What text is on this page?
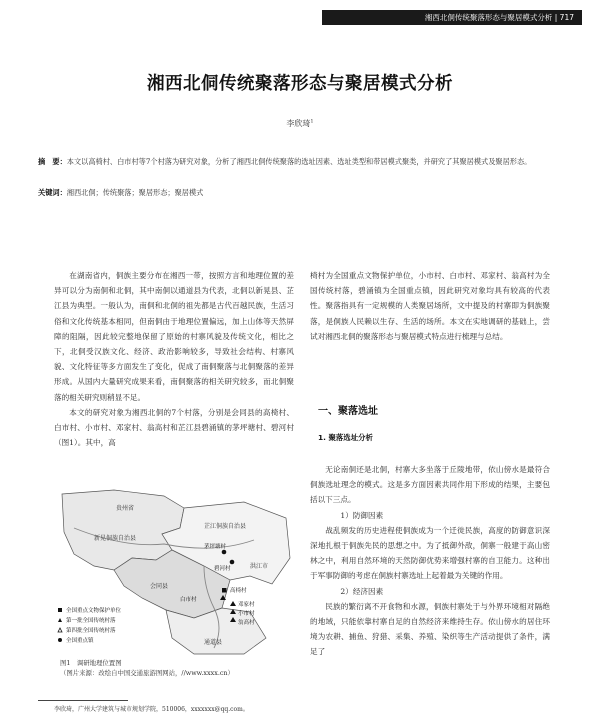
湘西北侗传统聚落形态与聚居模式分析 | 717
湘西北侗传统聚落形态与聚居模式分析
李欣琦$^1$
摘　要：本文以高椅村、白市村等7个村落为研究对象，分析了湘西北侗传统聚落的选址因素、选址类型和带居模式聚类，并研究了其聚居模式及聚居形态。
关键词：湘西北侗；传统聚落；聚居形态；聚居模式

在湖南省内，侗族主要分布在湘西一带，按照方言和地理位置的差异可以分为南侗和北侗，其中南侗以通道县为代表，北侗以新晃县、芷江县为典型。一般认为，南侗和北侗的祖先都是古代百越民族，生活习俗和文化传统基本相同，但南侗由于地理位置偏远，加上山体等天然屏障的阻隔，因此较完整地保留了原始的村寨风貌及传统文化，相比之下，北侗受汉族文化、经济、政治影响较多，导致社会结构、村寨风貌、文化特征等多方面发生了变化，促成了南侗聚落与北侗聚落的差异形成。从国内大量研究成果来看，南侗聚落的相关研究较多，而北侗聚落的相关研究则稍显不足。

本文的研究对象为湘西北侗的7个村落，分别是会同县的高椅村、白市村、小市村、邓家村、翁高村和芷江县碧涌镇的茅坪塘村、碧河村（图1）。其中，高

椅村为全国重点文物保护单位，小市村、白市村、邓家村、翁高村为全国传统村落，碧涌镇为全国重点镇，因此研究对象均具有较高的代表性。聚落指具有一定规模的人类聚居场所，文中提及的村寨即为侗族聚落，是侗族人民赖以生存、生活的场所。本文在实地调研的基础上，尝试对湘西北侗的聚落形态与聚居模式特点进行梳理与总结。

一、聚落选址
1. 聚落选址分析

无论南侗还是北侗，村寨大多坐落于丘陵地带，依山傍水是最符合侗族选址理念的模式。这是多方面因素共同作用下形成的结果，主要包括以下三点。

1）防御因素

战乱频发的历史进程使侗族成为一个迁徙民族，高度的防御意识深深地扎根于侗族先民的思想之中。为了抵御外敌，侗寨一般建于高山密林之中，利用自然环境的天然防御优势来增强村寨的自卫能力。这种出于军事防御的考虑在侗族村寨选址上起着最为关键的作用。

2）经济因素

民族的繁衍离不开食物和水源，侗族村寨处于与外界环境相对隔绝的地域，只能依靠村寨自足的自然经济来维持生存。依山傍水的居住环境为农耕、捕鱼、狩猎、采集、养殖、染织等生产活动提供了条件，满足了

贵州省
新晃侗族自治县
芷江侗族自治县
洪江市
会同县
通道县
茅坪塘村
碧河村
高椅村
白市村
邓家村
小市村
翁高村
全国重点文物保护单位
第一批全国传统村落
第四批全国传统村落
全国重点镇
图1　调研地理位置图
（图片来源：改绘自中国交通旅游图网站，//www.xxxx.cn）
李欣琦，广州大学建筑与城市规划学院，510006，xxxxxxx@qq.com。
